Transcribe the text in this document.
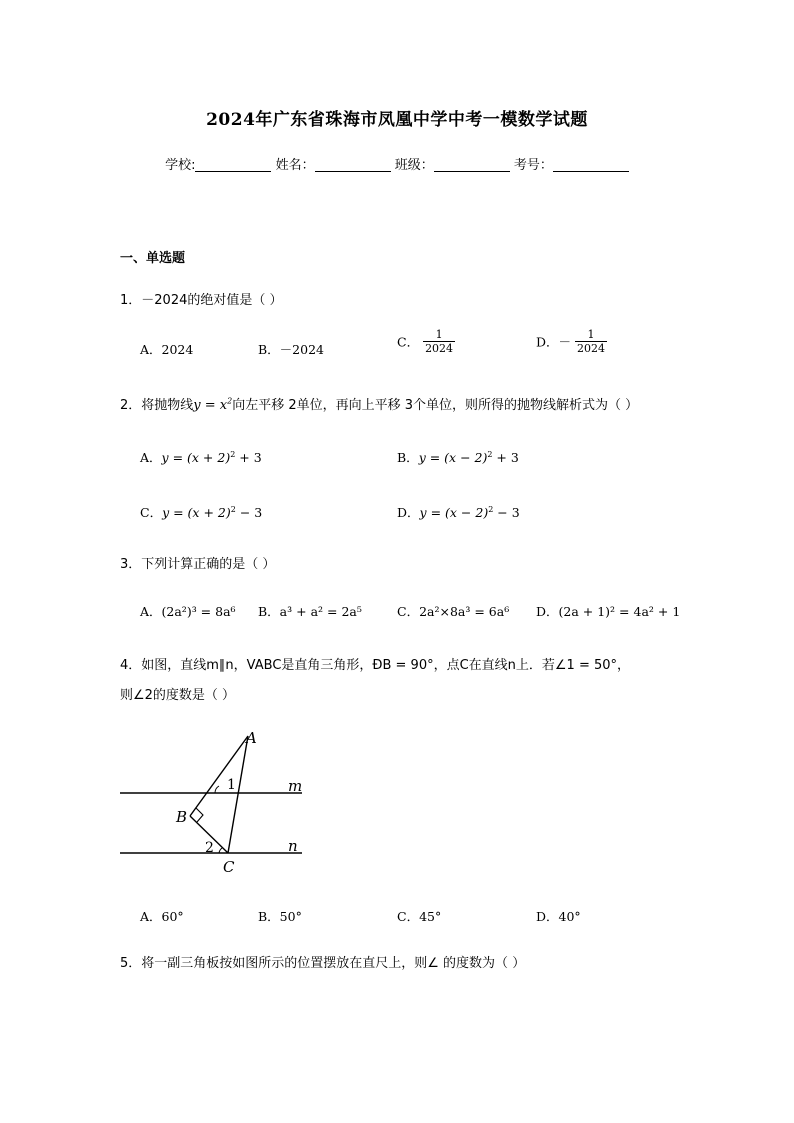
2024年广东省珠海市凤凰中学中考一模数学试题
学校:	姓名：	班级：	考号：
一、单选题
1．－2024的绝对值是（ ）
A．2024	B．－2024	C． $\frac{1}{2024}$	D．－ $\frac{1}{2024}$
2．将抛物线$y = x^2$向左平移 2单位，再向上平移 3个单位，则所得的抛物线解析式为（ ）
A．$y = (x + 2)^2 + 3$	B．$y = (x - 2)^2 + 3$
C．$y = (x + 2)^2 - 3$	D．$y = (x - 2)^2 - 3$
3．下列计算正确的是（ ）
A．(2a²)³ = 8a⁶ B．a³ + a² = 2a⁵	C．2a²×8a³ = 6a⁶ D．(2a + 1)² = 4a² + 1
4．如图，直线m∥n，VABC是直角三角形，ÐB = 90°，点C在直线n上．若∠1 = 50°，
则∠2的度数是（ ）
A
1	m
B
2	n
C
A．60°	B．50°	C．45°	D．40°
5．将一副三角板按如图所示的位置摆放在直尺上，则∠ 的度数为（ ）
